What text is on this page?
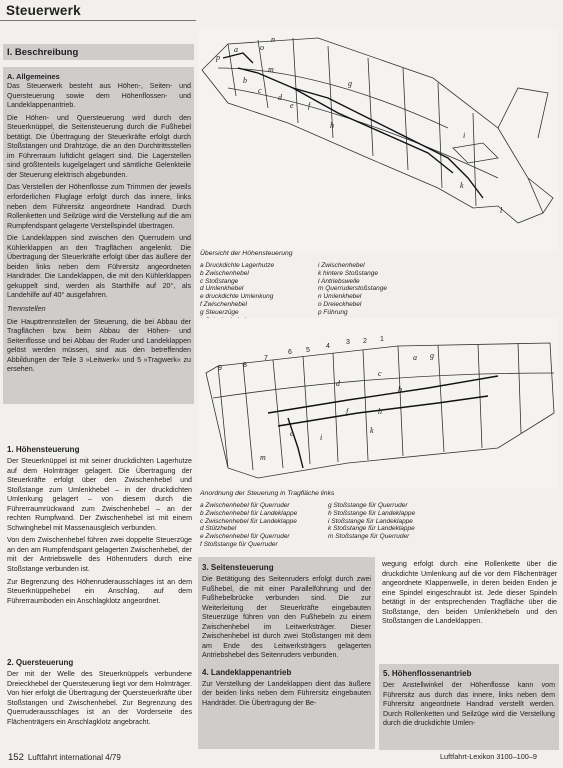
Steuerwerk
I. Beschreibung
A. Allgemeines

Das Steuerwerk besteht aus Höhen-, Seiten- und Quersteuerung sowie dem Höhenflossen- und Landeklappenantrieb.

Die Höhen- und Quersteuerung wird durch den Steuerknüppel, die Seitensteuerung durch die Fußhebel betätigt. Die Übertragung der Steuerkräfte erfolgt durch Stoßstangen und Drahtzüge, die an den Durchtrittsstellen im Führerraum luftdicht gelagert sind. Die Lagerstellen sind größtenteils kugelgelagert und sämtliche Gelenkteile der Steuerung elektrisch abgebunden.

Das Verstellen der Höhenflosse zum Trimmen der jeweils erforderlichen Fluglage erfolgt durch das innere, links neben dem Führersitz angeordnete Handrad. Durch Rollenketten und Seilzüge wird die Verstellung auf die am Rumpfendspant gelagerte Verstellspindel übertragen.

Die Landeklappen sind zwischen den Querrudern und Kühlerklappen an den Tragflächen angelenkt. Die Übertragung der Steuerkräfte erfolgt über das äußere der beiden links neben dem Führersitz angeordneten Handräder. Die Landeklappen, die mit den Kühlerklappen gekuppelt sind, werden als Starthilfe auf 20°, als Landehilfe auf 40° ausgefahren.

Trennstellen

Die Haupttrennstellen der Steuerung, die bei Abbau der Tragflächen bzw. beim Abbau der Höhen- und Seitenflosse und bei Abbau der Ruder und Landeklappen gelöst werden müssen, sind aus den betreffenden Abbildungen der Teile 3 »Leitwerk« und 5 »Tragwerk« zu ersehen.

1. Höhensteuerung

Der Steuerknüppel ist mit seiner druckdichten Lagerhutze auf dem Holmträger gelagert. Die Übertragung der Steuerkräfte erfolgt über den Zwischenhebel und Stoßstange zum Umlenkhebel – in der druckdichten Umlenkung gelagert – von diesem durch die Führerraumrückwand zum Zwischenhebel – an der rechten Rumpfwand. Der Zwischenhebel ist mit einem Schwinghebel mit Massenausgleich verbunden.

Von dem Zwischenhebel führen zwei doppelte Steuerzüge an den am Rumpfendspant gelagerten Zwischenhebel, der mit der Antriebswelle des Höhenruders durch eine Stoßstange verbunden ist.

Zur Begrenzung des Höhenruderausschlages ist an dem Steuerknüppelhebel ein Anschlag, auf dem Führerraumboden ein Anschlagklotz angeordnet.

2. Quersteuerung

Der mit der Welle des Steuerknüppels verbundene Dreieckhebel der Quersteuerung liegt vor dem Holmträger. Von hier erfolgt die Übertragung der Quersteuerkräfte über Stoßstangen und Zwischenhebel. Zur Begrenzung des Querruderausschlages ist an der Vorderseite des Flächenträgers ein Anschlagklotz angebracht.

p
a	o
n
m
b
c
d
e f
g
h
i
k
l
Übersicht der Höhensteuerung
a Druckdichte Lagerhutze
b Zwischenhebel
c Stoßstange
d Umlenkhebel
e druckdichte Umlenkung
f Zwischenhebel
g Steuerzüge
i Zwischenhebel
k hintere Stoßstange
l Antriebswelle
m Querruderstoßstange
n Umlenkhebel
o Dreieckhebel
p Führung
9	8
7
6 5
4
3 2 1
a g
c
d
b
f	h
e	k
i
m
Anordnung der Steuerung in Tragfläche links
a Zwischenhebel für Querruder
b Zwischenhebel für Landeklappe
c Zwischenhebel für Landeklappe
d Stützhebel
e Zwischenhebel für Querruder
f Stoßstange für Querruder
g Stoßstange für Querruder
h Stoßstange für Landeklappe
i Stoßstange für Landeklappe
k Stoßstange für Landeklappe
m Stoßstange für Querruder
3. Seitensteuerung

Die Betätigung des Seitenruders erfolgt durch zwei Fußhebel, die mit einer Parallelführung und der Fußhebelbrücke verbunden sind. Die zur Weiterleitung der Steuerkräfte eingebauten Steuerzüge führen von den Fußhebeln zu einem Zwischenhebel im Leitwerksträger. Dieser Zwischenhebel ist durch zwei Stoßstangen mit dem am Ende des Leitwerksträgers gelagerten Antriebshebel des Seitenruders verbunden.

4. Landeklappenantrieb

Zur Verstellung der Landeklappen dient das äußere der beiden links neben dem Führersitz eingebauten Handräder. Die Übertragung der Be-

wegung erfolgt durch eine Rollenkette über die druckdichte Umlenkung auf die vor dem Flächenträger angeordnete Klappenwelle, in deren beiden Enden je eine Spindel eingeschraubt ist. Jede dieser Spindeln betätigt in der entsprechenden Tragfläche über die Stoßstange, den beiden Umlenkhebeln und den Stoßstangen die Landeklappen.

5. Höhenflossenantrieb

Der Anstellwinkel der Höhenflosse kann vom Führersitz aus durch das innere, links neben dem Führersitz angeordnete Handrad verstellt werden. Durch Rollenketten und Seilzüge wird die Verstellung durch die druckdichte Umlen-

152 Luftfahrt international 4/79	Luftfahrt-Lexikon 3100–100–9
